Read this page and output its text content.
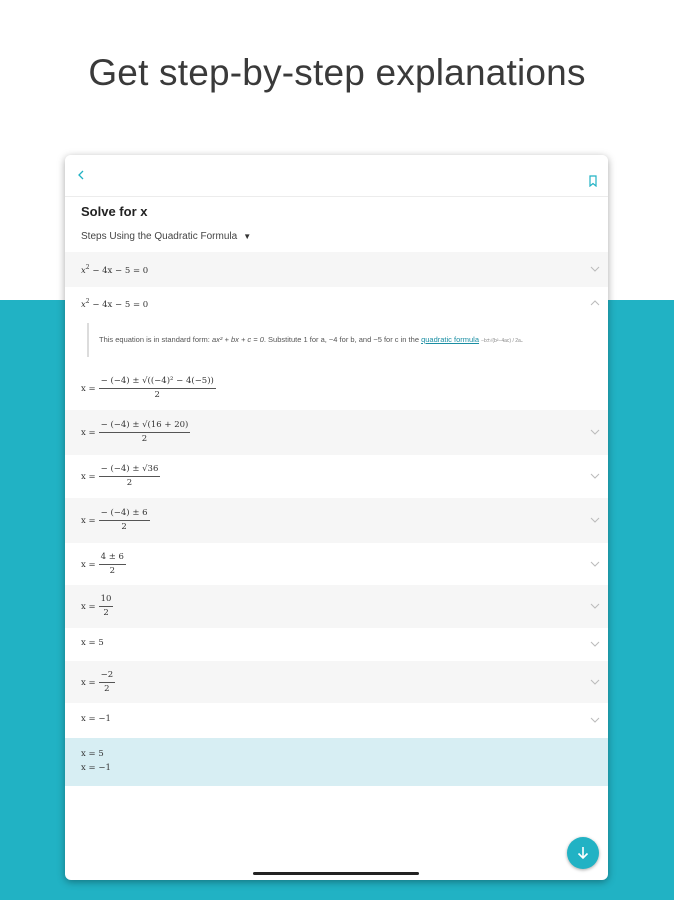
Get step-by-step explanations
Solve for x
Steps Using the Quadratic Formula ▼
$x^2 - 4x - 5 = 0$
$x^2 - 4x - 5 = 0$
This equation is in standard form: ax² + bx + c = 0. Substitute 1 for a, −4 for b, and −5 for c in the quadratic formula −b±√(b²−4ac) / 2a.
$x = \frac{\text{− (−4) ± √((−4)² − 4(−5))}}{2}$
$x = \frac{- (-4) \pm √(16 + 20)}{2}$
$x = \frac{- (-4) \pm √36}{2}$
$x = \frac{- (-4) \pm 6}{2}$
$x = \frac{4 \pm 6}{2}$
$x = \frac{10}{2}$
x = 5
$x = \frac{-2}{2}$
x = −1
x = 5
x = −1
